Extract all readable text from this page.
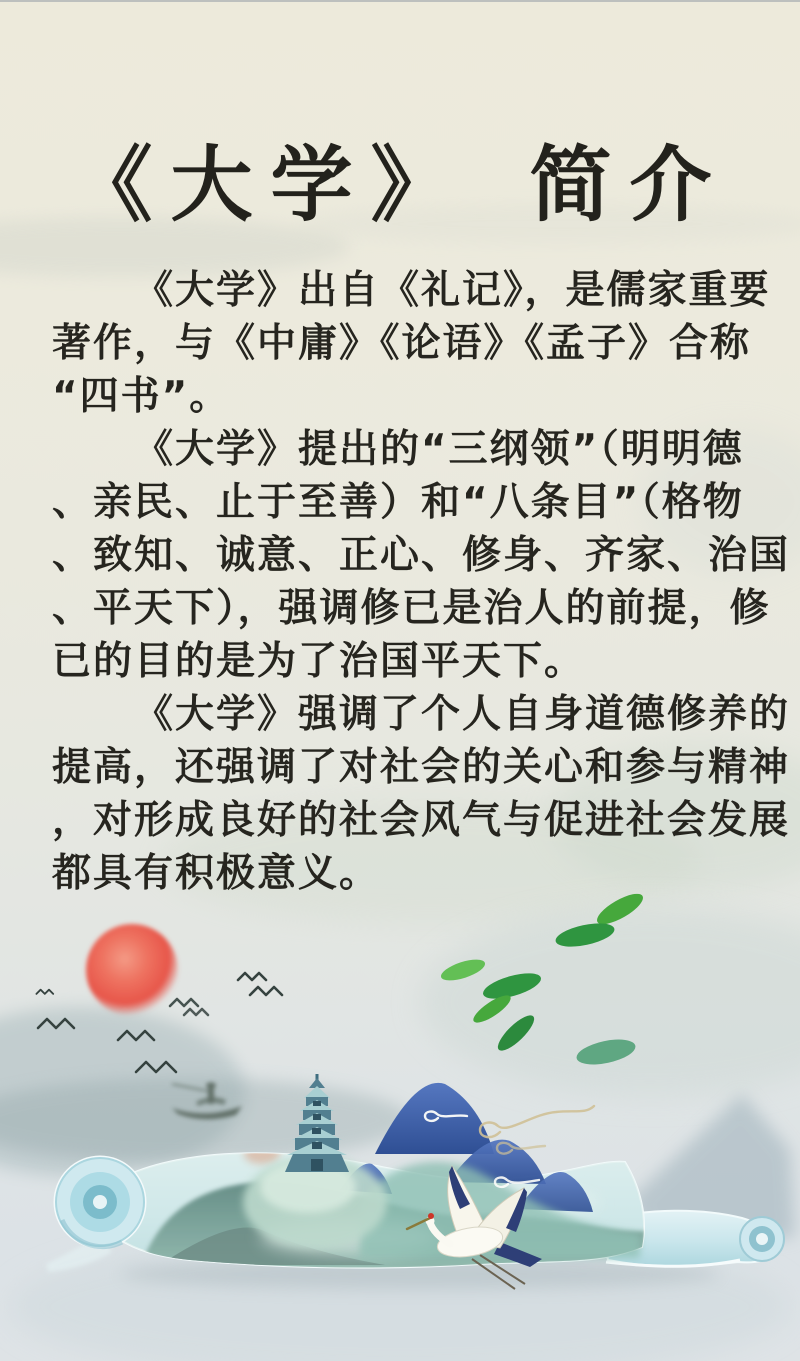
《大学》　简介
《大学》出自《礼记》，是儒家重要
著作，与《中庸》《论语》《孟子》合称
“四书”。
《大学》提出的“三纲领”（明明德
、亲民、止于至善）和“八条目”（格物
、致知、诚意、正心、修身、齐家、治国
、平天下），强调修已是治人的前提，修
已的目的是为了治国平天下。
《大学》强调了个人自身道德修养的
提高，还强调了对社会的关心和参与精神
，对形成良好的社会风气与促进社会发展
都具有积极意义。
